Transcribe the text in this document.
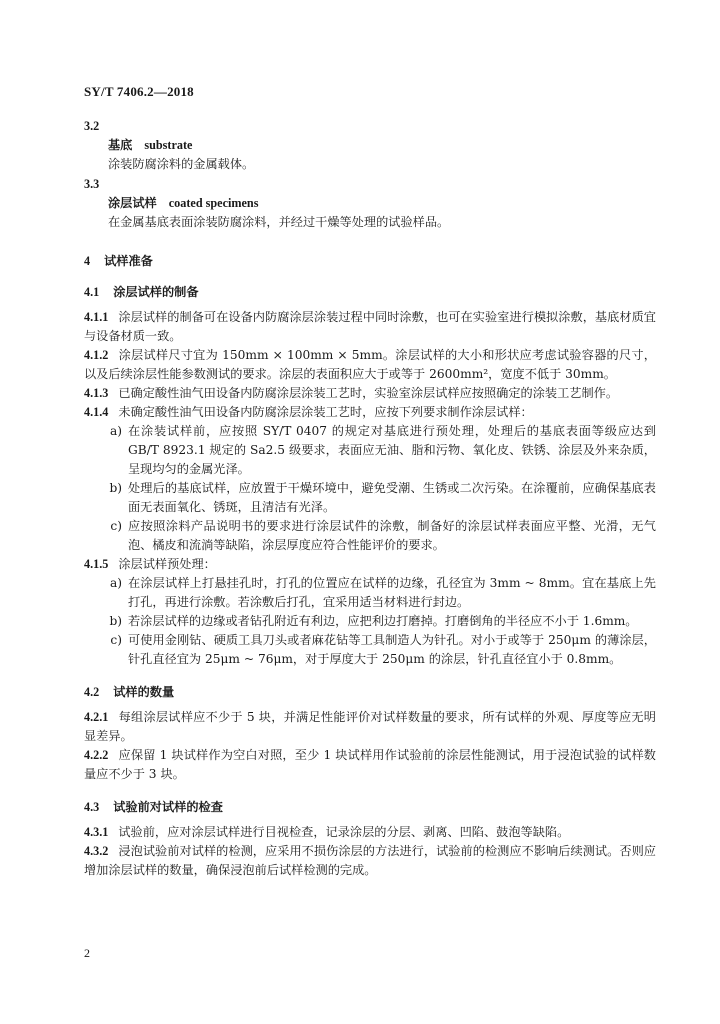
SY/T 7406.2—2018
3.2
基底 substrate

涂装防腐涂料的金属载体。

3.3
涂层试样 coated specimens

在金属基底表面涂装防腐涂料，并经过干燥等处理的试验样品。

4 试样准备
4.1 涂层试样的制备

4.1.1 涂层试样的制备可在设备内防腐涂层涂装过程中同时涂敷，也可在实验室进行模拟涂敷，基底材质宜与设备材质一致。

4.1.2 涂层试样尺寸宜为 150mm × 100mm × 5mm。涂层试样的大小和形状应考虑试验容器的尺寸，以及后续涂层性能参数测试的要求。涂层的表面积应大于或等于 2600mm²，宽度不低于 30mm。

4.1.3 已确定酸性油气田设备内防腐涂层涂装工艺时，实验室涂层试样应按照确定的涂装工艺制作。

4.1.4 未确定酸性油气田设备内防腐涂层涂装工艺时，应按下列要求制作涂层试样：

a) 在涂装试样前，应按照 SY/T 0407 的规定对基底进行预处理，处理后的基底表面等级应达到 GB/T 8923.1 规定的 Sa2.5 级要求，表面应无油、脂和污物、氧化皮、铁锈、涂层及外来杂质，呈现均匀的金属光泽。
b) 处理后的基底试样，应放置于干燥环境中，避免受潮、生锈或二次污染。在涂覆前，应确保基底表面无表面氧化、锈斑，且清洁有光泽。
c) 应按照涂料产品说明书的要求进行涂层试件的涂敷，制备好的涂层试样表面应平整、光滑，无气泡、橘皮和流淌等缺陷，涂层厚度应符合性能评价的要求。

4.1.5 涂层试样预处理：

a) 在涂层试样上打悬挂孔时，打孔的位置应在试样的边缘，孔径宜为 3mm ~ 8mm。宜在基底上先打孔，再进行涂敷。若涂敷后打孔，宜采用适当材料进行封边。
b) 若涂层试样的边缘或者钻孔附近有利边，应把利边打磨掉。打磨倒角的半径应不小于 1.6mm。
c) 可使用金刚钻、硬质工具刀头或者麻花钻等工具制造人为针孔。对小于或等于 250μm 的薄涂层，针孔直径宜为 25μm ~ 76μm，对于厚度大于 250μm 的涂层，针孔直径宜小于 0.8mm。
4.2 试样的数量

4.2.1 每组涂层试样应不少于 5 块，并满足性能评价对试样数量的要求，所有试样的外观、厚度等应无明显差异。

4.2.2 应保留 1 块试样作为空白对照，至少 1 块试样用作试验前的涂层性能测试，用于浸泡试验的试样数量应不少于 3 块。

4.3 试验前对试样的检查

4.3.1 试验前，应对涂层试样进行目视检查，记录涂层的分层、剥离、凹陷、鼓泡等缺陷。

4.3.2 浸泡试验前对试样的检测，应采用不损伤涂层的方法进行，试验前的检测应不影响后续测试。否则应增加涂层试样的数量，确保浸泡前后试样检测的完成。

2
